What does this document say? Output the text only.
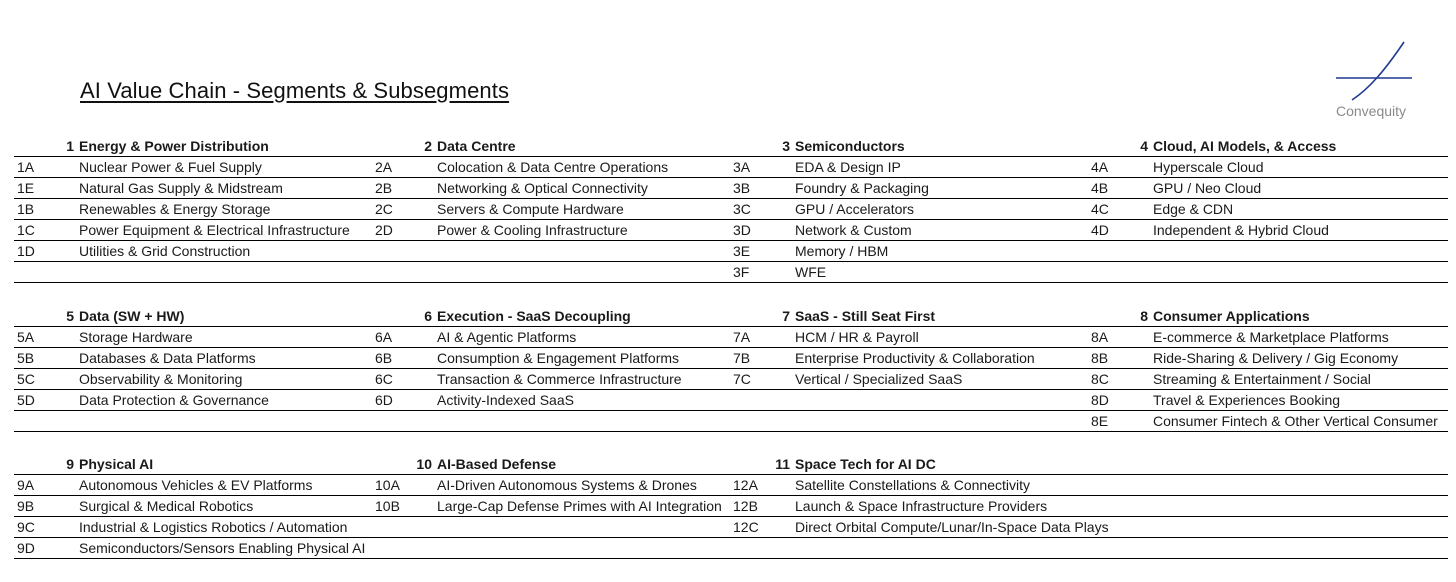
AI Value Chain - Segments & Subsegments
Convequity
1 Energy & Power Distribution	2 Data Centre	3 Semiconductors	4 Cloud, AI Models, & Access
1A	Nuclear Power & Fuel Supply	2A	Colocation & Data Centre Operations	3A	EDA & Design IP	4A	Hyperscale Cloud
1E	Natural Gas Supply & Midstream	2B	Networking & Optical Connectivity	3B	Foundry & Packaging	4B	GPU / Neo Cloud
1B	Renewables & Energy Storage	2C	Servers & Compute Hardware	3C	GPU / Accelerators	4C	Edge & CDN
1C	Power Equipment & Electrical Infrastructure 2D	Power & Cooling Infrastructure	3D	Network & Custom	4D	Independent & Hybrid Cloud
1D	Utilities & Grid Construction	3E	Memory / HBM
3F	WFE
5 Data (SW + HW)	6 Execution - SaaS Decoupling	7 SaaS - Still Seat First	8 Consumer Applications
5A	Storage Hardware	6A	AI & Agentic Platforms	7A	HCM / HR & Payroll	8A	E-commerce & Marketplace Platforms
5B	Databases & Data Platforms	6B	Consumption & Engagement Platforms	7B	Enterprise Productivity & Collaboration	8B	Ride-Sharing & Delivery / Gig Economy
5C	Observability & Monitoring	6C	Transaction & Commerce Infrastructure	7C	Vertical / Specialized SaaS	8C	Streaming & Entertainment / Social
5D	Data Protection & Governance	6D	Activity-Indexed SaaS	8D	Travel & Experiences Booking
8E	Consumer Fintech & Other Vertical Consumer
9 Physical AI	10 AI-Based Defense	11 Space Tech for AI DC
9A	Autonomous Vehicles & EV Platforms	10A	AI-Driven Autonomous Systems & Drones	12A	Satellite Constellations & Connectivity
9B	Surgical & Medical Robotics	10B	Large-Cap Defense Primes with AI Integration 12B	Launch & Space Infrastructure Providers
9C	Industrial & Logistics Robotics / Automation	12C	Direct Orbital Compute/Lunar/In-Space Data Plays
9D	Semiconductors/Sensors Enabling Physical AI
